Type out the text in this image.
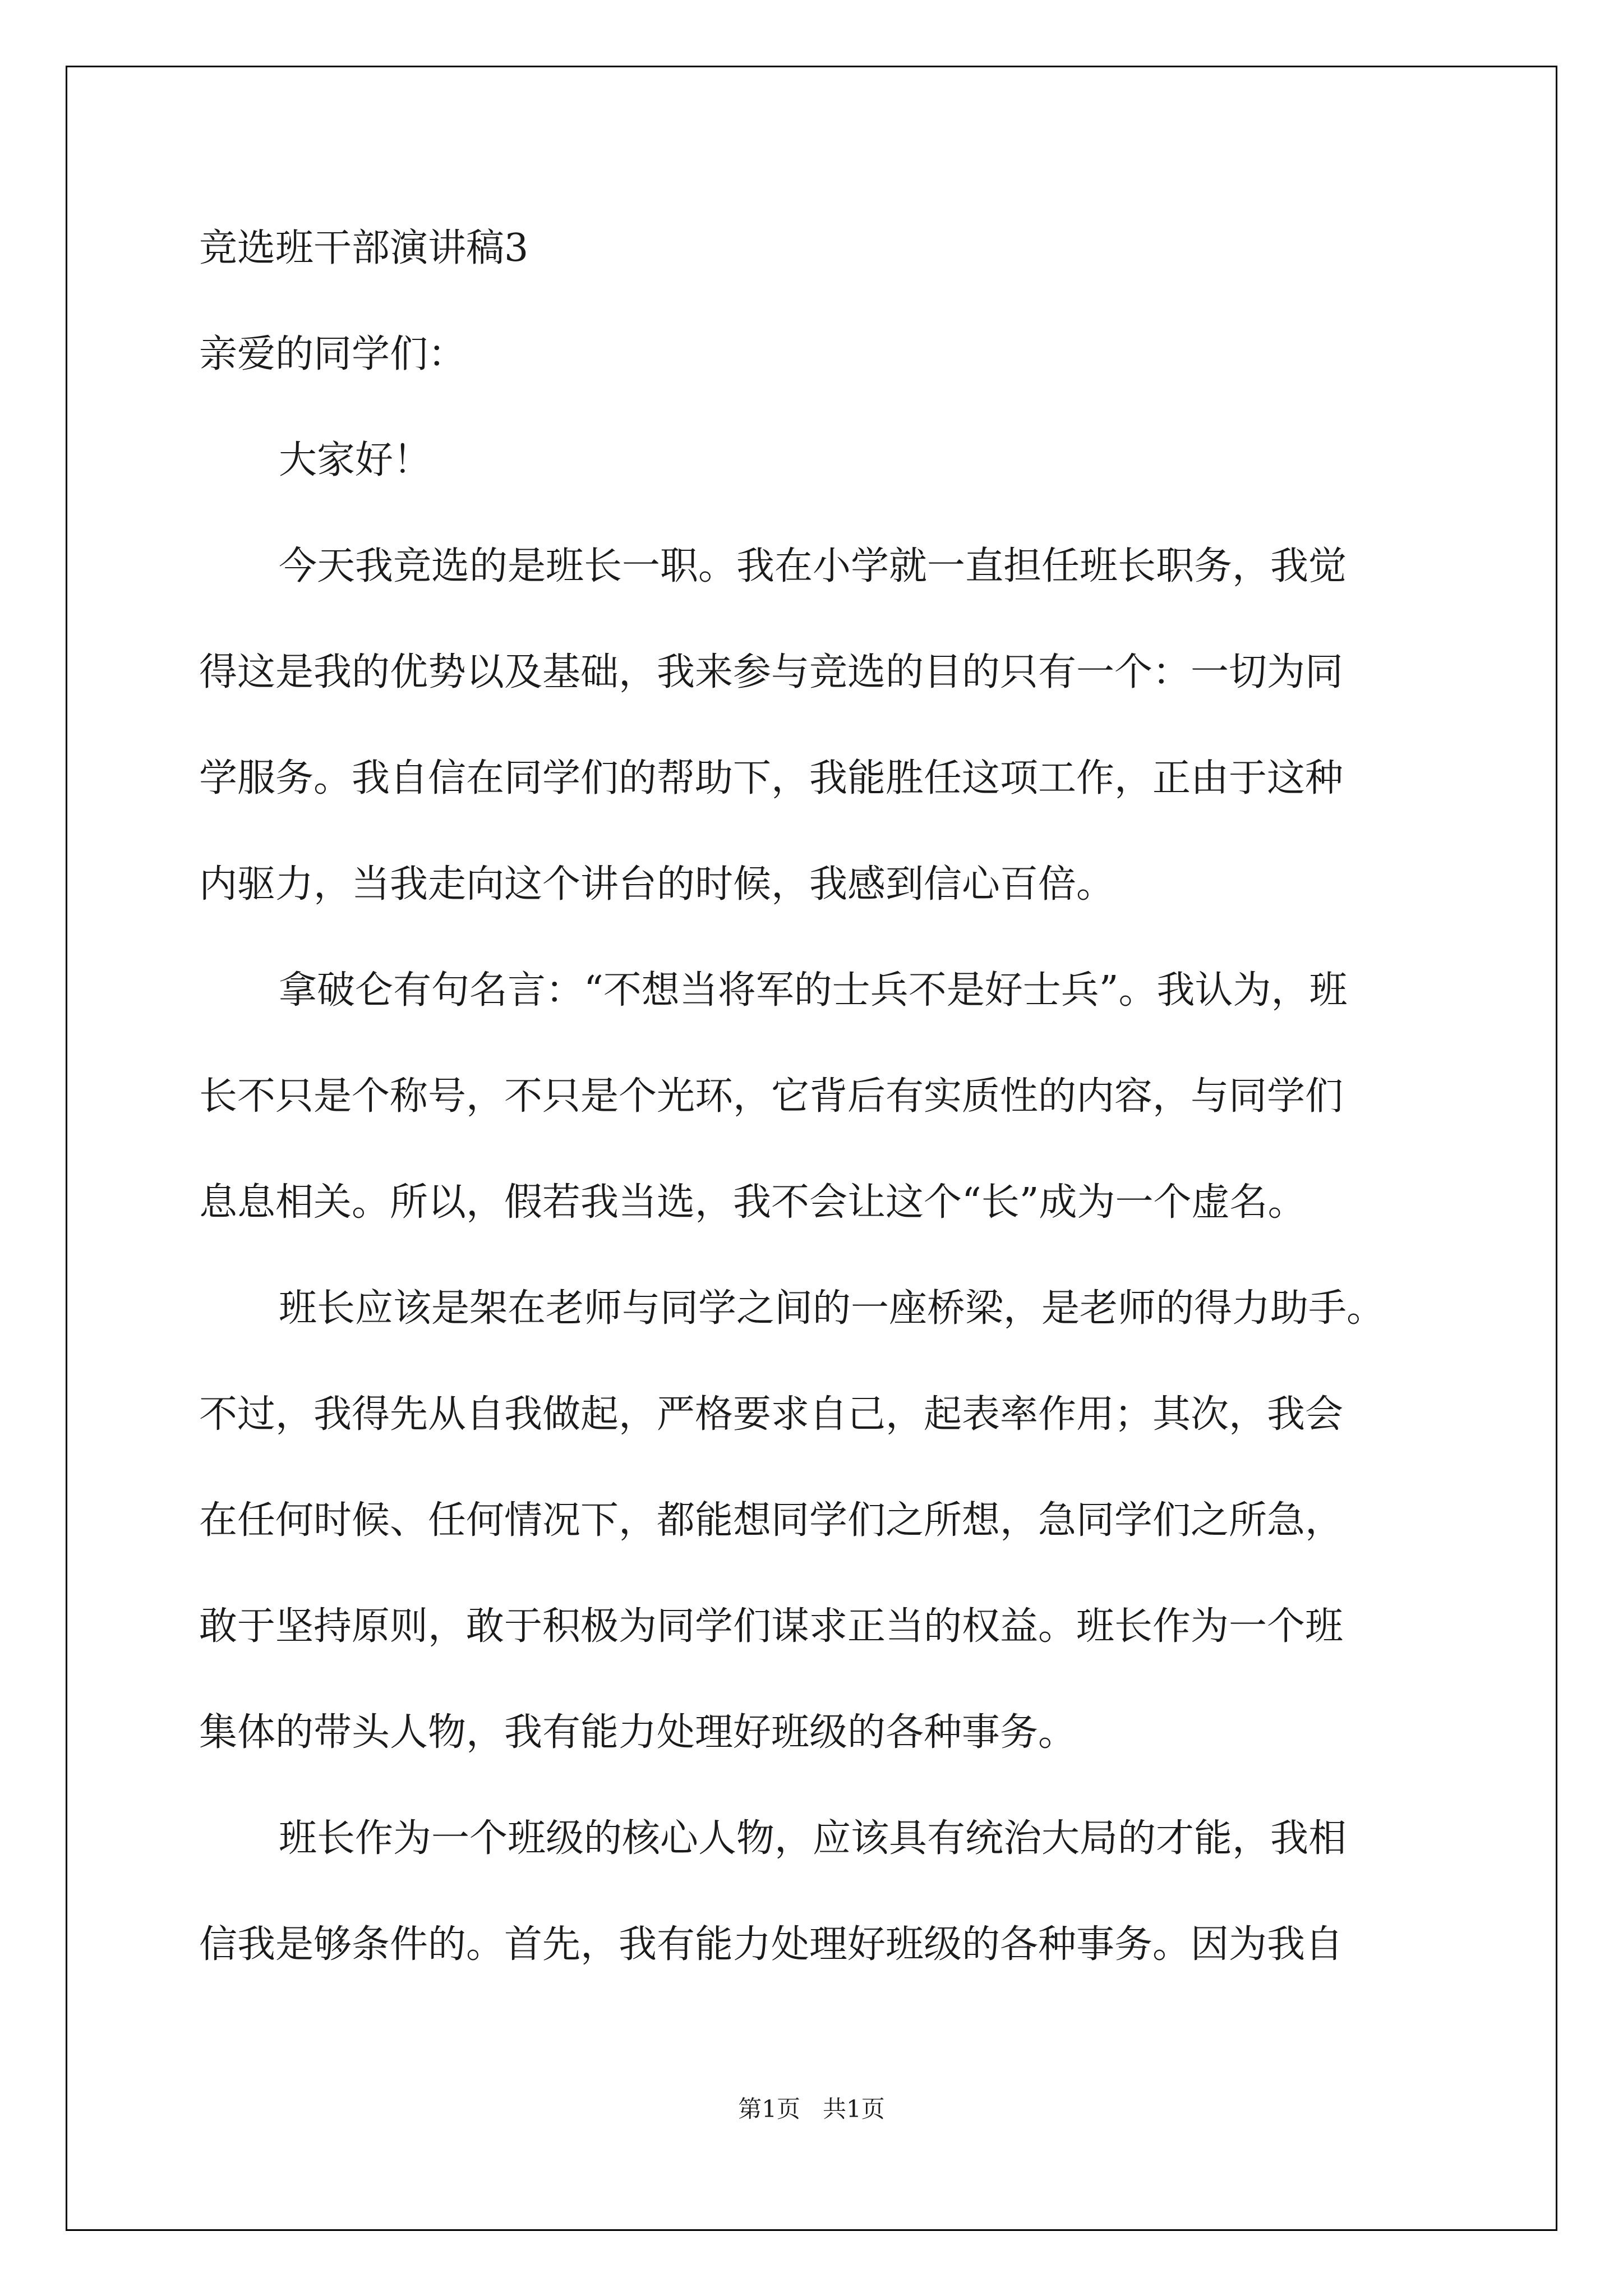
竞选班干部演讲稿3
亲爱的同学们：
大家好！
今天我竞选的是班长一职。我在小学就一直担任班长职务，我觉
得这是我的优势以及基础，我来参与竞选的目的只有一个：一切为同
学服务。我自信在同学们的帮助下，我能胜任这项工作，正由于这种
内驱力，当我走向这个讲台的时候，我感到信心百倍。
拿破仑有句名言：“不想当将军的士兵不是好士兵”。我认为，班
长不只是个称号，不只是个光环，它背后有实质性的内容，与同学们
息息相关。所以，假若我当选，我不会让这个“长”成为一个虚名。
班长应该是架在老师与同学之间的一座桥梁，是老师的得力助手。
不过，我得先从自我做起，严格要求自己，起表率作用；其次，我会
在任何时候、任何情况下，都能想同学们之所想，急同学们之所急，
敢于坚持原则，敢于积极为同学们谋求正当的权益。班长作为一个班
集体的带头人物，我有能力处理好班级的各种事务。
班长作为一个班级的核心人物，应该具有统治大局的才能，我相
信我是够条件的。首先，我有能力处理好班级的各种事务。因为我自
第1页   共1页
